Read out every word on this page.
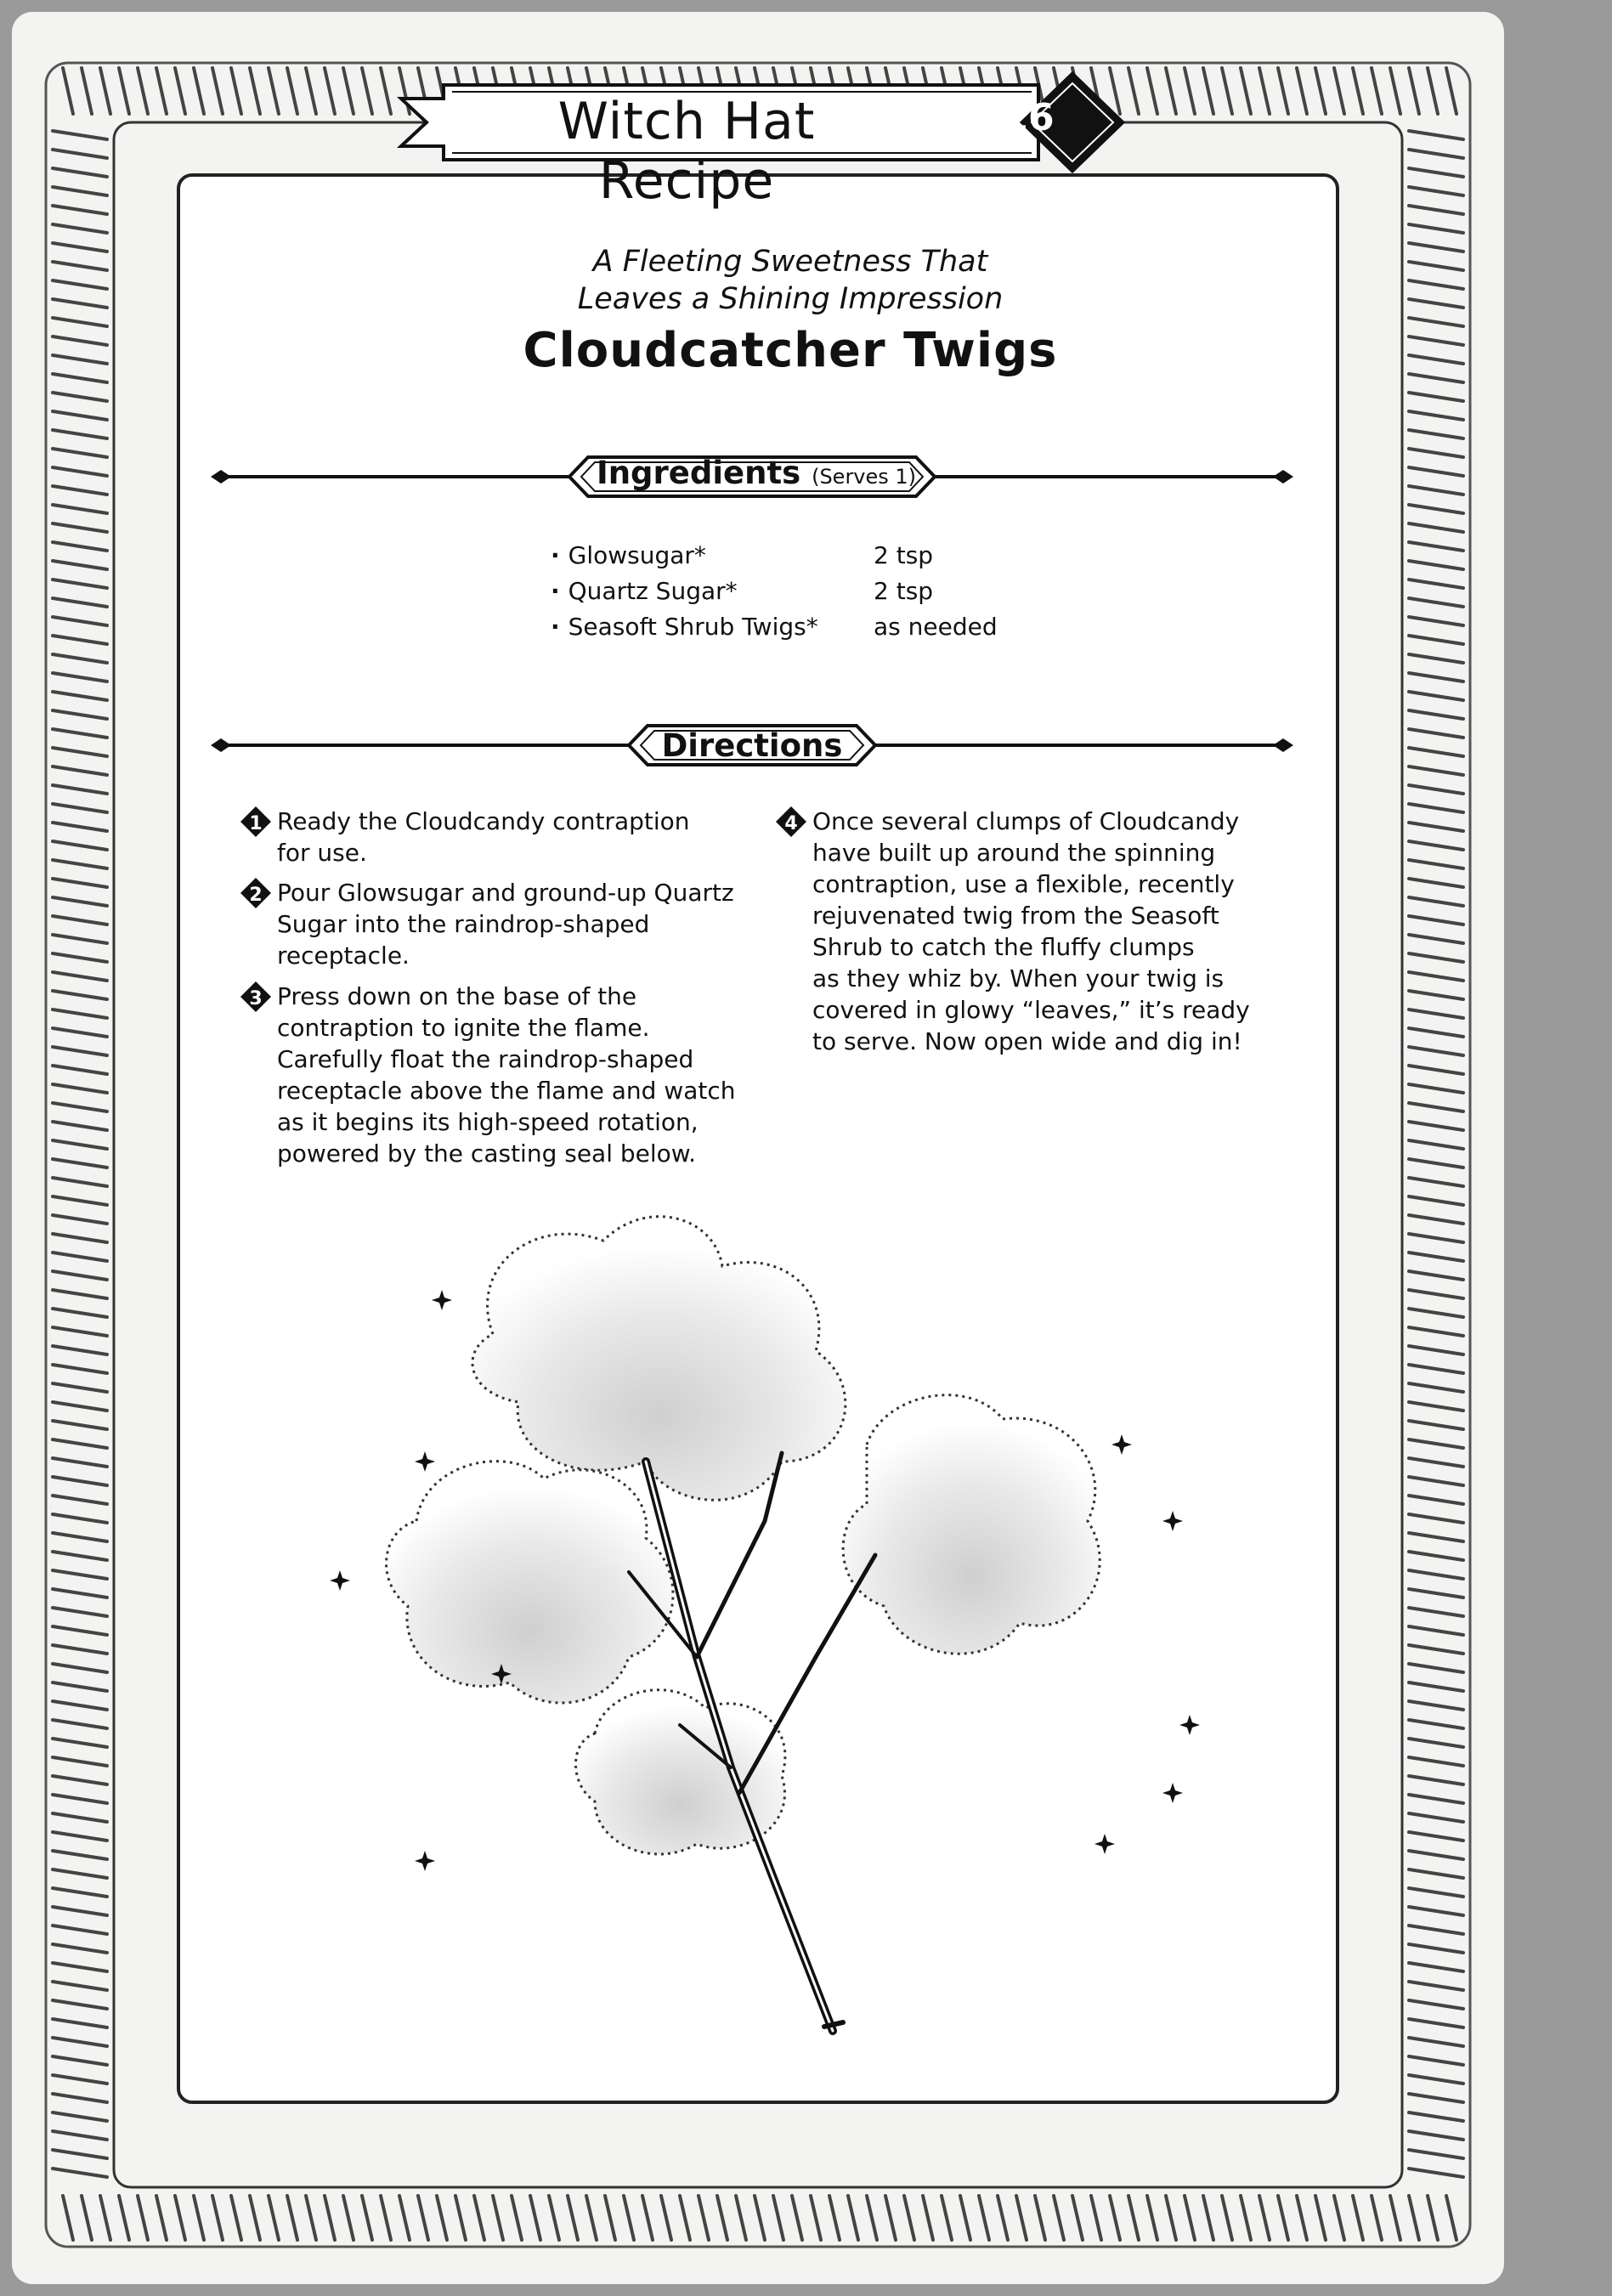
Witch Hat Recipe
16
A Fleeting Sweetness That
Leaves a Shining Impression
Cloudcatcher Twigs
Ingredients (Serves 1)
· Glowsugar*	2 tsp
· Quartz Sugar*	2 tsp
· Seasoft Shrub Twigs*	as needed
Directions
1 Ready the Cloudcandy contraption
for use.
2 Pour Glowsugar and ground-up Quartz
Sugar into the raindrop-shaped
receptacle.
3 Press down on the base of the
contraption to ignite the flame.
Carefully float the raindrop-shaped
receptacle above the flame and watch
as it begins its high-speed rotation,
powered by the casting seal below.
4 Once several clumps of Cloudcandy
have built up around the spinning
contraption, use a flexible, recently
rejuvenated twig from the Seasoft
Shrub to catch the fluffy clumps
as they whiz by. When your twig is
covered in glowy “leaves,” it’s ready
to serve. Now open wide and dig in!
